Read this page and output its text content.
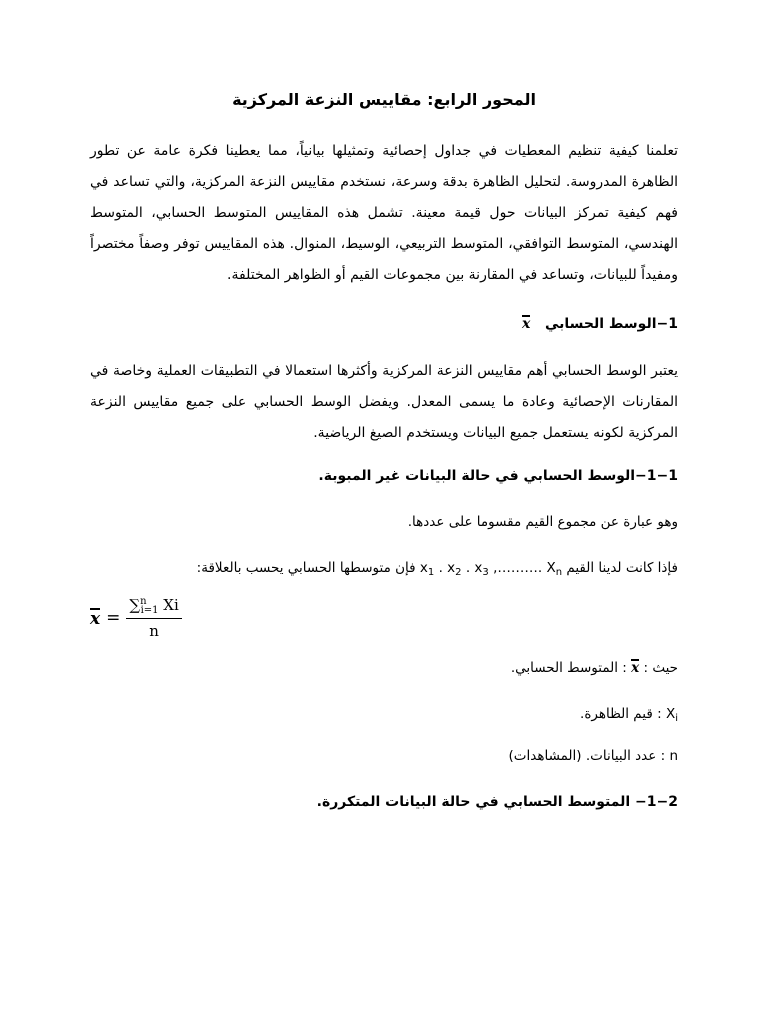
المحور الرابع: مقاييس النزعة المركزية
تعلمنا كيفية تنظيم المعطيات في جداول إحصائية وتمثيلها بيانياً، مما يعطينا فكرة عامة عن تطور الظاهرة المدروسة. لتحليل الظاهرة بدقة وسرعة، نستخدم مقاييس النزعة المركزية، والتي تساعد في فهم كيفية تمركز البيانات حول قيمة معينة. تشمل هذه المقاييس المتوسط الحسابي، المتوسط الهندسي، المتوسط التوافقي، المتوسط التربيعي، الوسيط، المنوال. هذه المقاييس توفر وصفاً مختصراً ومفيداً للبيانات، وتساعد في المقارنة بين مجموعات القيم أو الظواهر المختلفة.
1−الوسط الحسابي   x
يعتبر الوسط الحسابي أهم مقاييس النزعة المركزية وأكثرها استعمالا في التطبيقات العملية وخاصة في المقارنات الإحصائية وعادة ما يسمى المعدل. ويفضل الوسط الحسابي على جميع مقاييس النزعة المركزية لكونه يستعمل جميع البيانات ويستخدم الصيغ الرياضية.
1−1−الوسط الحسابي في حالة البيانات غير المبوبة.
وهو عبارة عن مجموع القيم مقسوما على عددها.
فإذا كانت لدينا القيم $x_1$ . $x_2$ . $x_3$ ,………. $X_n$ فإن متوسطها الحسابي يحسب بالعلاقة:
$x = \frac{\sum^n_{i=1} Xi}{n}$
حيث : x : المتوسط الحسابي.
$X_i$ : قيم الظاهرة.
n : عدد البيانات. (المشاهدات)
1−2− المتوسط الحسابي في حالة البيانات المتكررة.
